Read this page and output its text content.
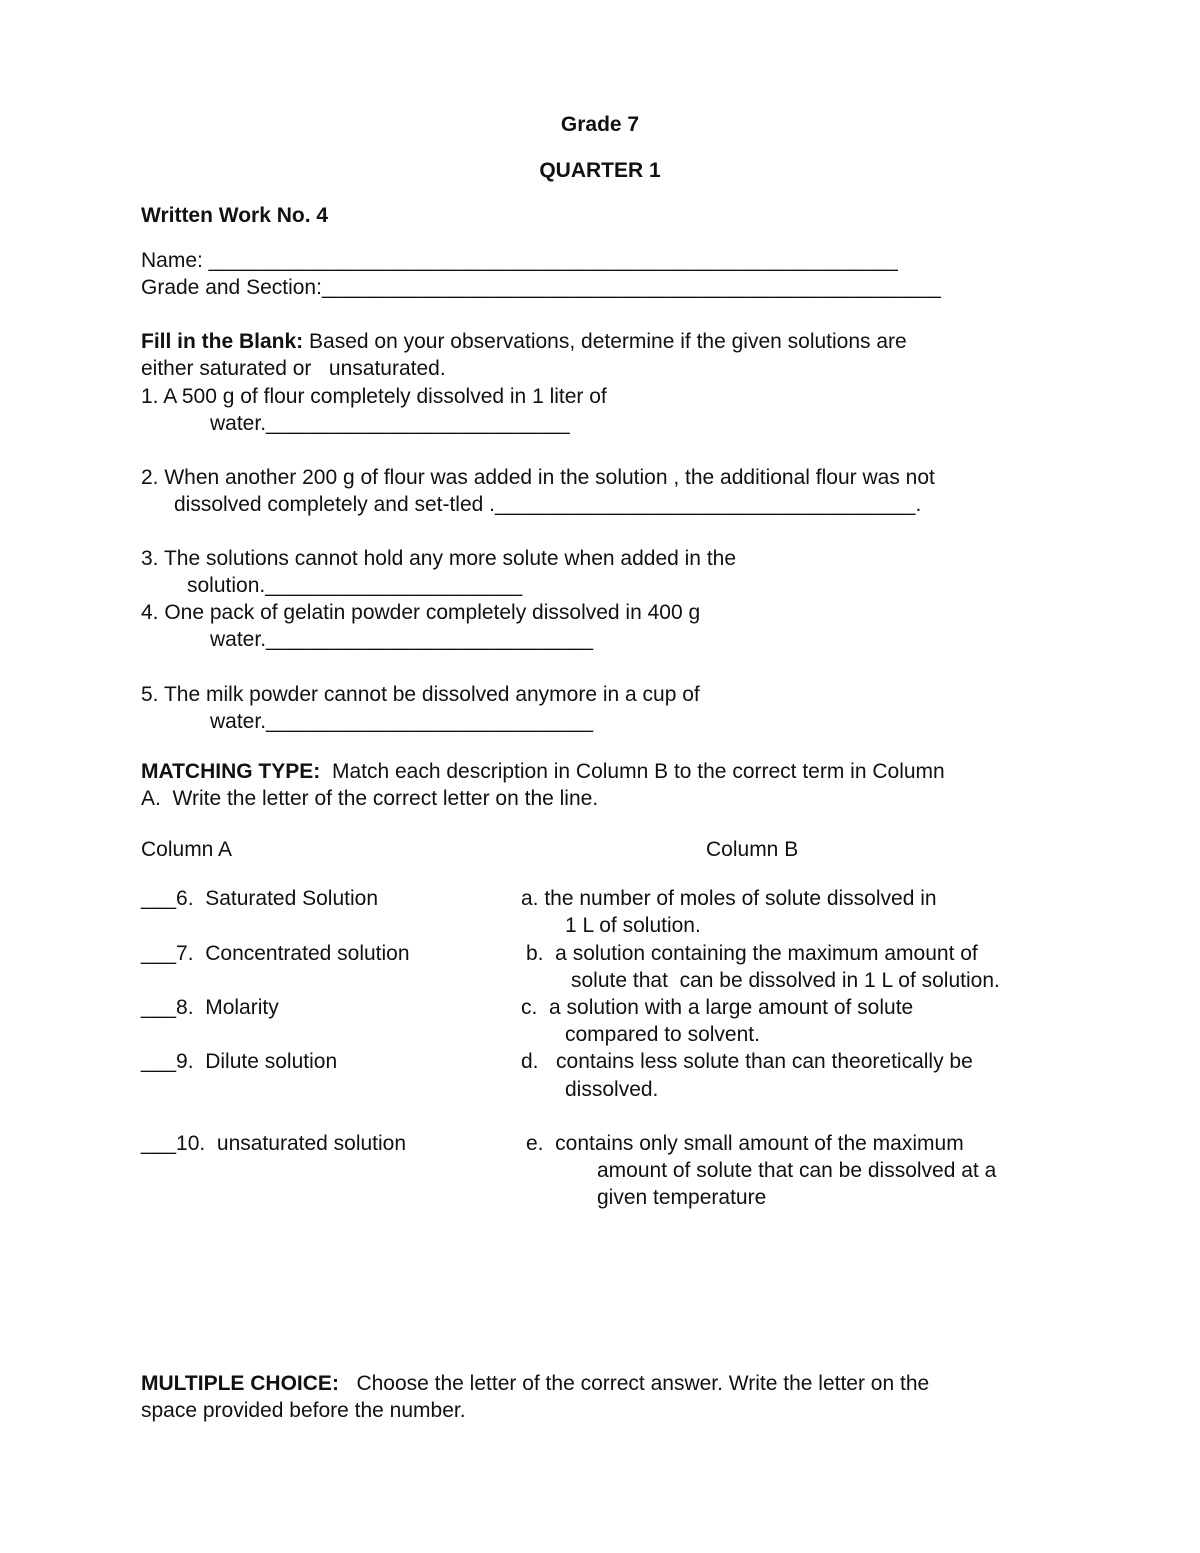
Grade 7
QUARTER 1
Written Work No. 4
Name: ___________________________________________________________
Grade and Section:_____________________________________________________
Fill in the Blank: Based on your observations, determine if the given solutions are
either saturated or   unsaturated.
1. A 500 g of flour completely dissolved in 1 liter of
water.__________________________
2. When another 200 g of flour was added in the solution , the additional flour was not
dissolved completely and set-tled .____________________________________.
3. The solutions cannot hold any more solute when added in the
solution.______________________
4. One pack of gelatin powder completely dissolved in 400 g
water.____________________________
5. The milk powder cannot be dissolved anymore in a cup of
water.____________________________
MATCHING TYPE:  Match each description in Column B to the correct term in Column
A.  Write the letter of the correct letter on the line.
Column A	Column B
___6.  Saturated Solution	a. the number of moles of solute dissolved in
1 L of solution.
___7.  Concentrated solution	b.  a solution containing the maximum amount of
solute that  can be dissolved in 1 L of solution.
___8.  Molarity	c.  a solution with a large amount of solute
compared to solvent.
___9.  Dilute solution	d.   contains less solute than can theoretically be
dissolved.
___10.  unsaturated solution	e.  contains only small amount of the maximum
amount of solute that can be dissolved at a
given temperature
MULTIPLE CHOICE:   Choose the letter of the correct answer. Write the letter on the
space provided before the number.
